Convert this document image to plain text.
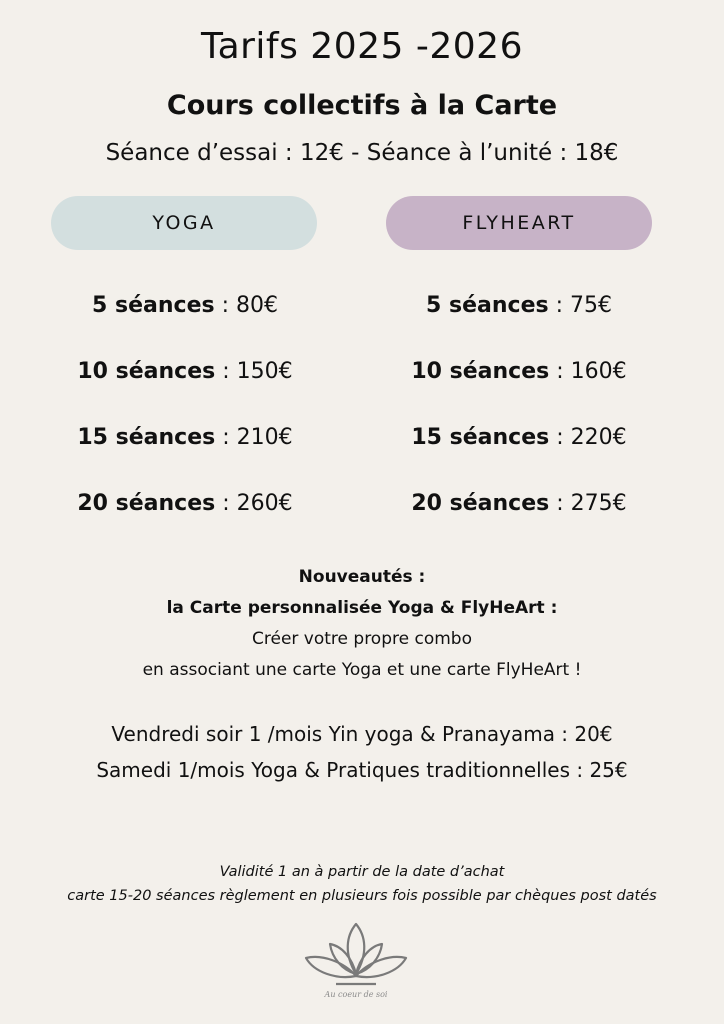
Tarifs 2025 -2026
Cours collectifs à la Carte
Séance d’essai : 12€ - Séance à l’unité : 18€
YOGA	FLYHEART
5 séances : 80€
10 séances : 150€
15 séances : 210€
20 séances : 260€
5 séances : 75€
10 séances : 160€
15 séances : 220€
20 séances : 275€
Nouveautés :
la Carte personnalisée Yoga & FlyHeArt :
Créer votre propre combo
en associant une carte Yoga et une carte FlyHeArt !
Vendredi soir 1 /mois Yin yoga & Pranayama : 20€
Samedi 1/mois Yoga & Pratiques traditionnelles : 25€
Validité 1 an à partir de la date d’achat
carte 15-20 séances règlement en plusieurs fois possible par chèques post datés
Au coeur de soi
